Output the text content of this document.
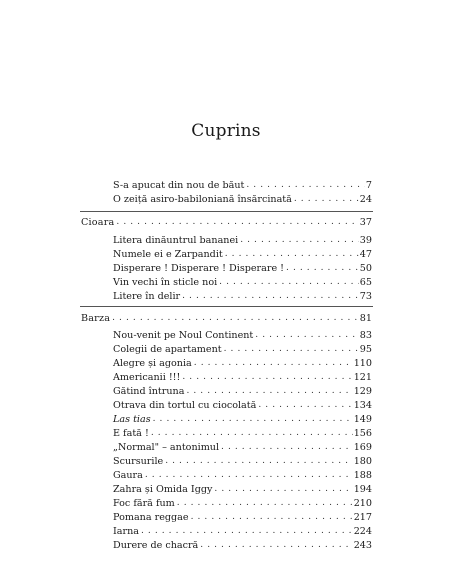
Cuprins
S-a apucat din nou de băut . . .	7
O zeiță asiro-babiloniană însărcinată . . .	24
Cioara . . .	37
Litera dinăuntrul bananei . . .	39
Numele ei e Zarpandit . . .	47
Disperare ! Disperare ! Disperare ! . . .	50
Vin vechi în sticle noi . . .	65
Litere în delir . . .	73
Barza . . .	81
Nou-venit pe Noul Continent . . .	83
Colegii de apartament . . .	95
Alegre și agonia . . .	110
Americanii !!! . . .	121
Gătind întruna . . .	129
Otrava din tortul cu ciocolată . . .	134
Las tias . . .	149
E fată ! . . .	156
„Normal" – antonimul . . .	169
Scursurile . . .	180
Gaura . . .	188
Zahra și Omida Iggy . . .	194
Foc fără fum . . .	210
Pomana reggae . . .	217
Iarna . . .	224
Durere de chacră . . .	243
